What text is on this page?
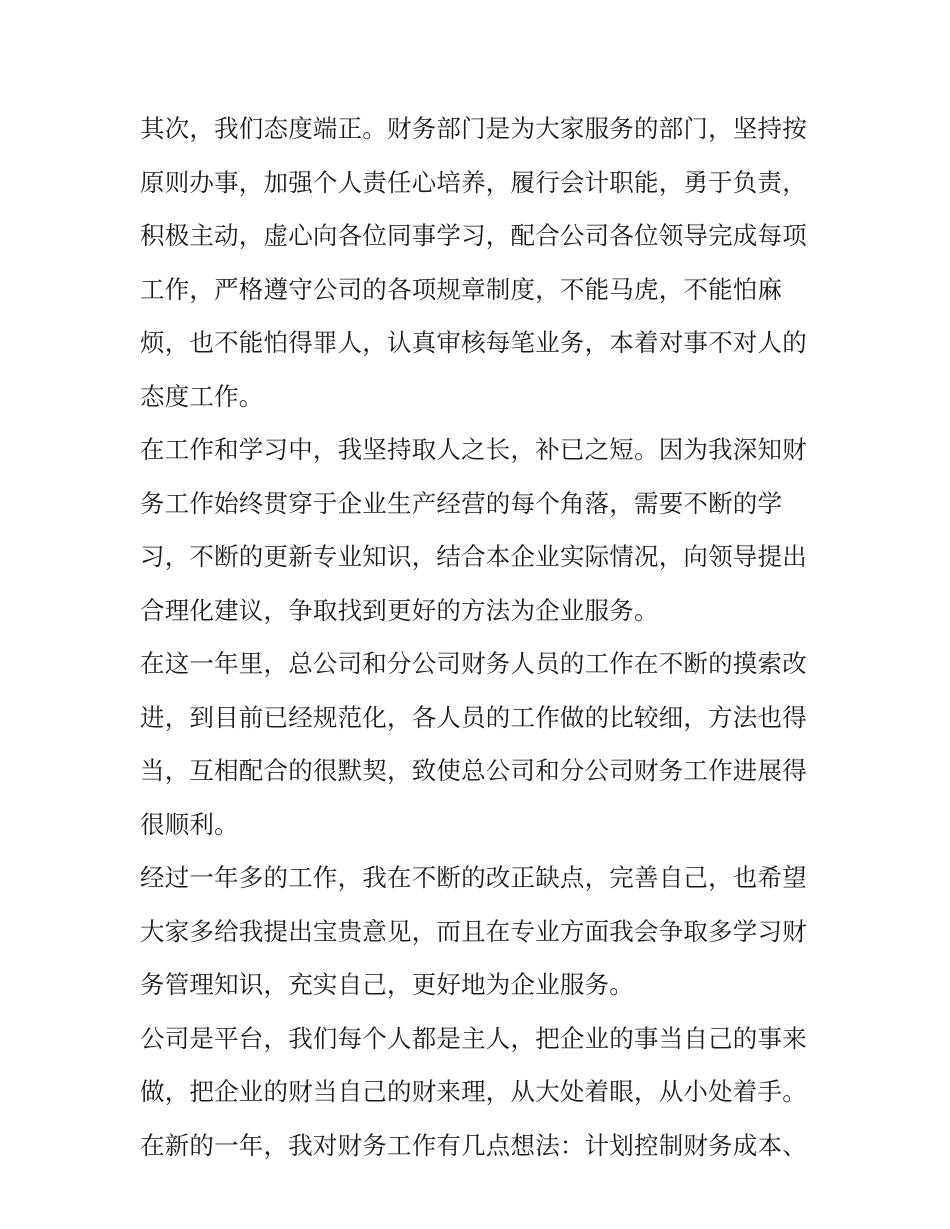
其次，我们态度端正。财务部门是为大家服务的部门，坚持按
原则办事，加强个人责任心培养，履行会计职能，勇于负责，
积极主动，虚心向各位同事学习，配合公司各位领导完成每项
工作，严格遵守公司的各项规章制度，不能马虎，不能怕麻
烦，也不能怕得罪人，认真审核每笔业务，本着对事不对人的
态度工作。
在工作和学习中，我坚持取人之长，补已之短。因为我深知财
务工作始终贯穿于企业生产经营的每个角落，需要不断的学
习，不断的更新专业知识，结合本企业实际情况，向领导提出
合理化建议，争取找到更好的方法为企业服务。
在这一年里，总公司和分公司财务人员的工作在不断的摸索改
进，到目前已经规范化，各人员的工作做的比较细，方法也得
当，互相配合的很默契，致使总公司和分公司财务工作进展得
很顺利。
经过一年多的工作，我在不断的改正缺点，完善自己，也希望
大家多给我提出宝贵意见，而且在专业方面我会争取多学习财
务管理知识，充实自己，更好地为企业服务。
公司是平台，我们每个人都是主人，把企业的事当自己的事来
做，把企业的财当自己的财来理，从大处着眼，从小处着手。
在新的一年，我对财务工作有几点想法：计划控制财务成本、
